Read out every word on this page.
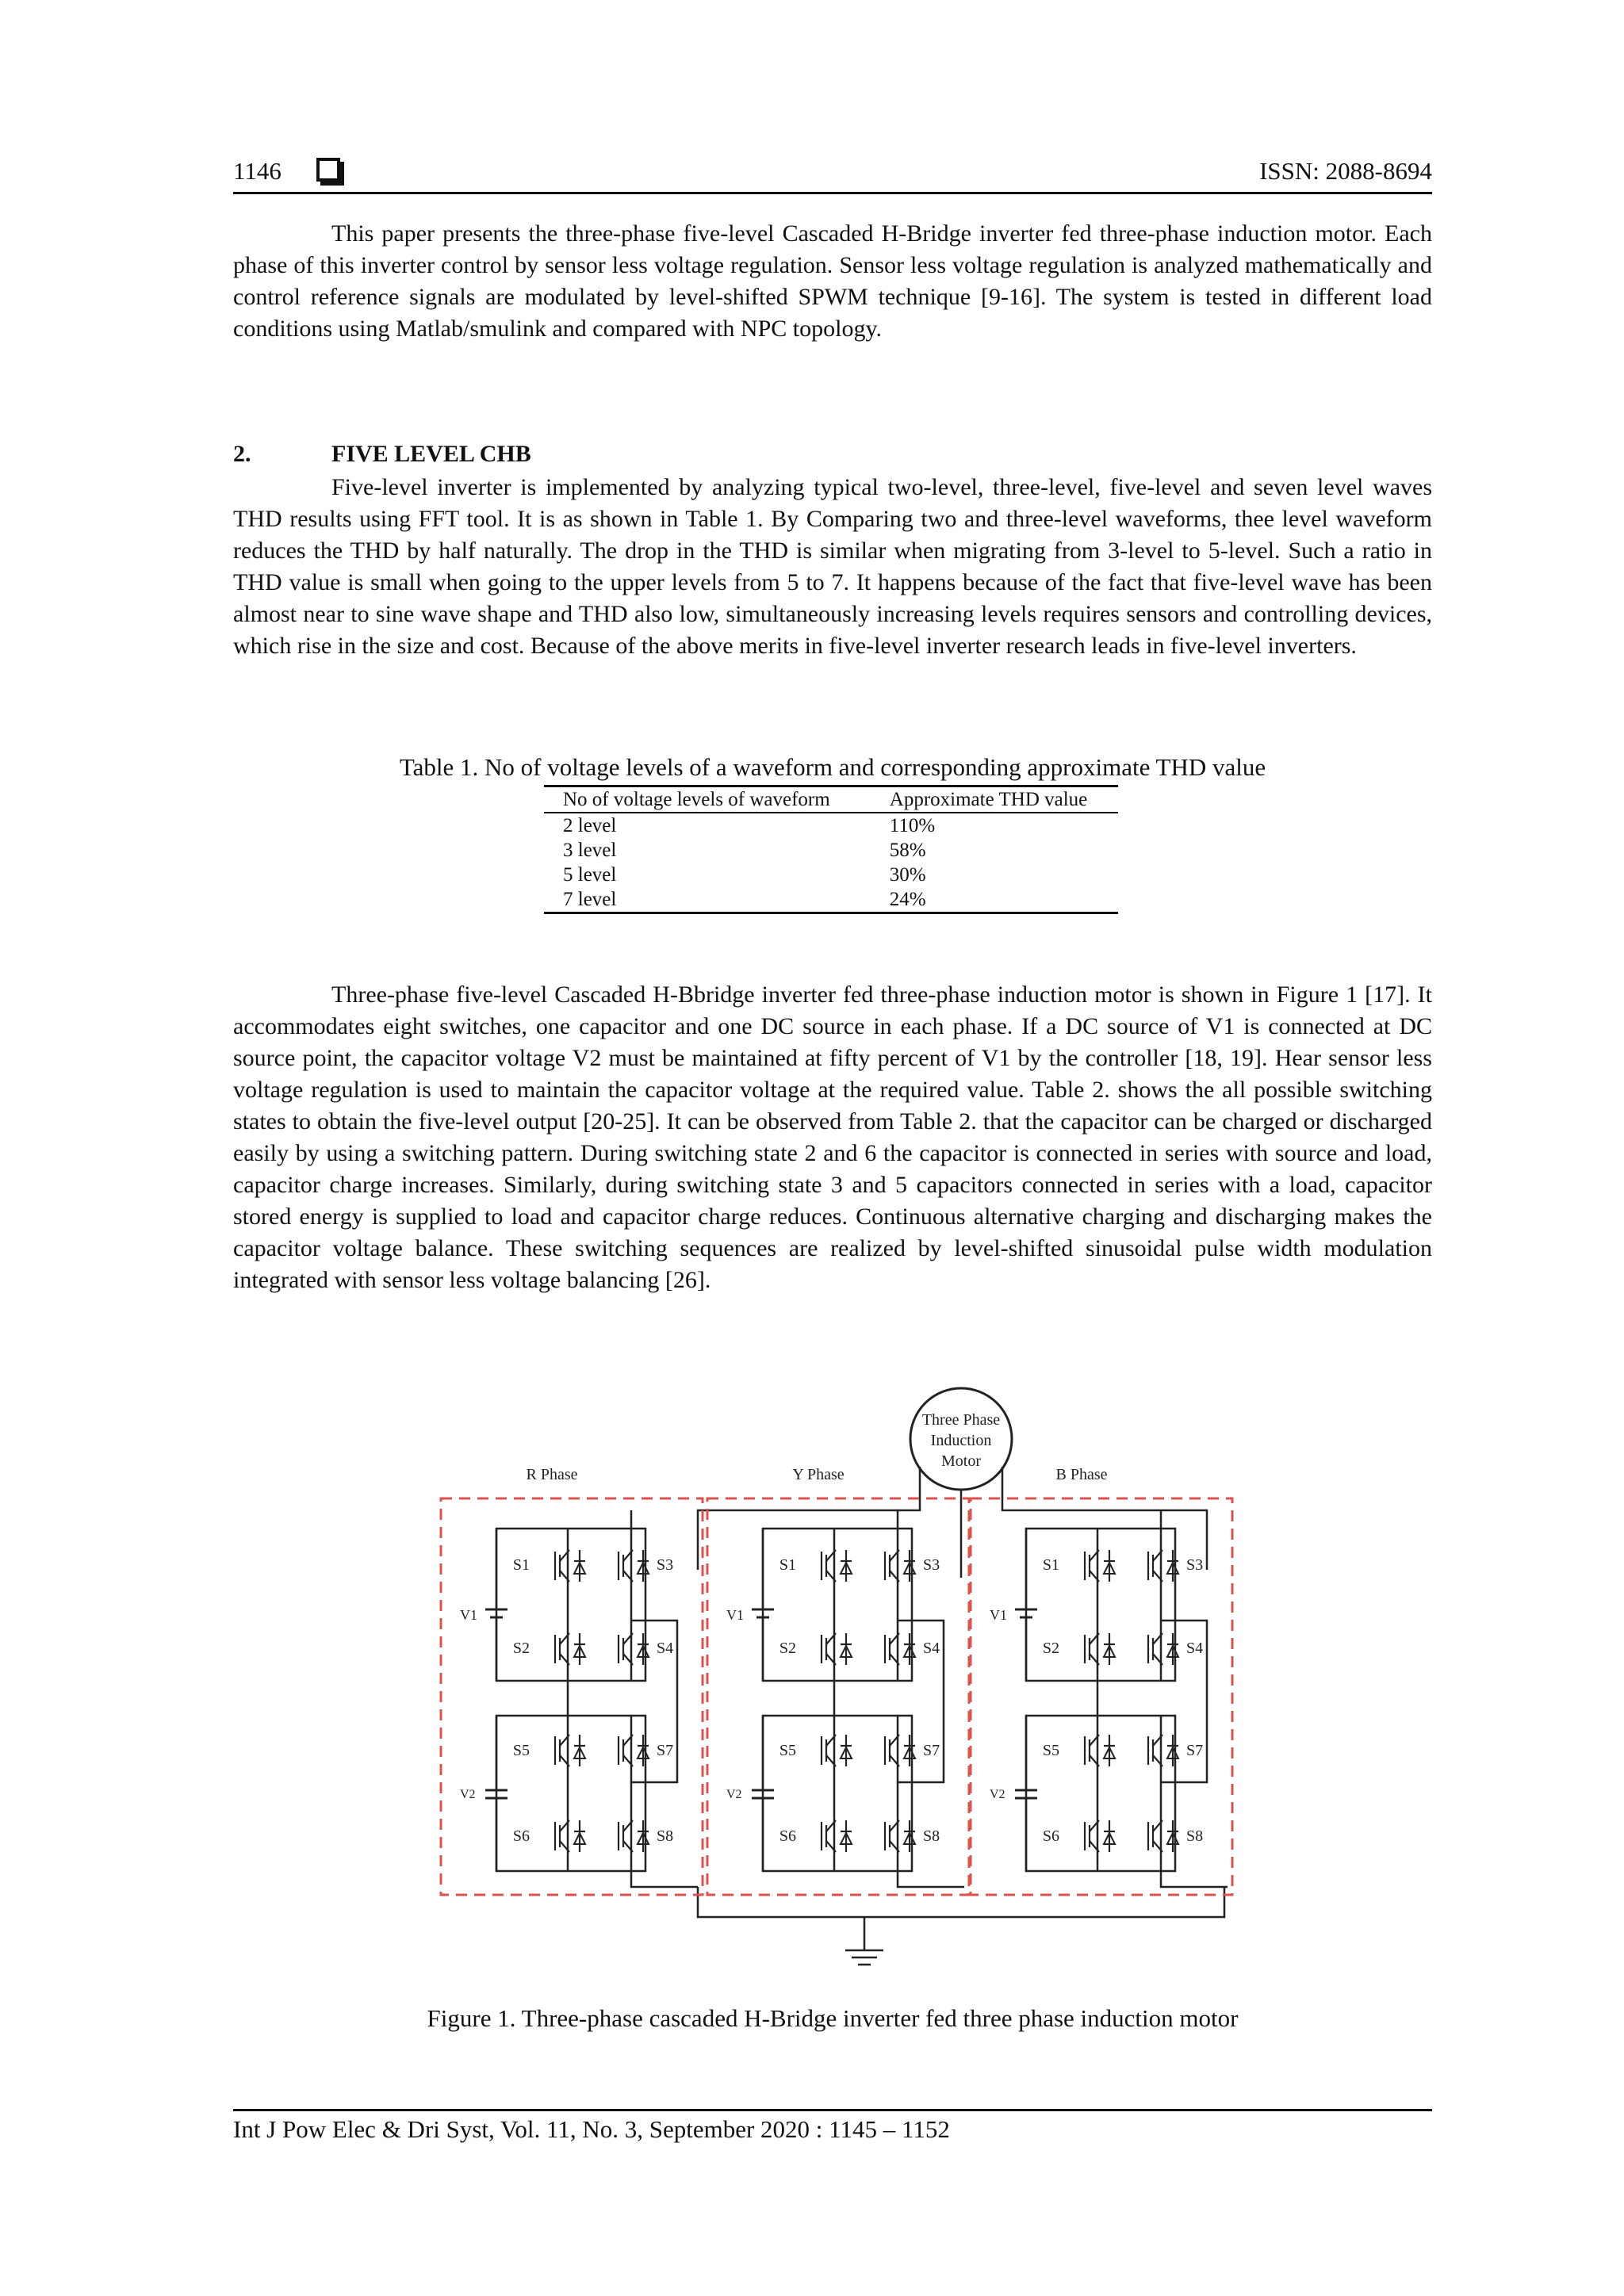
1146	ISSN: 2088-8694

This paper presents the three-phase five-level Cascaded H-Bridge inverter fed three-phase induction motor. Each phase of this inverter control by sensor less voltage regulation. Sensor less voltage regulation is analyzed mathematically and control reference signals are modulated by level-shifted SPWM technique [9-16]. The system is tested in different load conditions using Matlab/smulink and compared with NPC topology.

2.	FIVE LEVEL CHB

Five-level inverter is implemented by analyzing typical two-level, three-level, five-level and seven level waves THD results using FFT tool. It is as shown in Table 1. By Comparing two and three-level waveforms, thee level waveform reduces the THD by half naturally. The drop in the THD is similar when migrating from 3-level to 5-level. Such a ratio in THD value is small when going to the upper levels from 5 to 7. It happens because of the fact that five-level wave has been almost near to sine wave shape and THD also low, simultaneously increasing levels requires sensors and controlling devices, which rise in the size and cost. Because of the above merits in five-level inverter research leads in five-level inverters.

Table 1. No of voltage levels of a waveform and corresponding approximate THD value
No of voltage levels of waveform	Approximate THD value
2 level	110%
3 level	58%
5 level	30%
7 level	24%

Three-phase five-level Cascaded H-Bbridge inverter fed three-phase induction motor is shown in Figure 1 [17]. It accommodates eight switches, one capacitor and one DC source in each phase. If a DC source of V1 is connected at DC source point, the capacitor voltage V2 must be maintained at fifty percent of V1 by the controller [18, 19]. Hear sensor less voltage regulation is used to maintain the capacitor voltage at the required value. Table 2. shows the all possible switching states to obtain the five-level output [20-25]. It can be observed from Table 2. that the capacitor can be charged or discharged easily by using a switching pattern. During switching state 2 and 6 the capacitor is connected in series with source and load, capacitor charge increases. Similarly, during switching state 3 and 5 capacitors connected in series with a load, capacitor stored energy is supplied to load and capacitor charge reduces. Continuous alternative charging and discharging makes the capacitor voltage balance. These switching sequences are realized by level-shifted sinusoidal pulse width modulation integrated with sensor less voltage balancing [26].

Three Phase
Induction
Motor
R Phase
S1
S2
S3
S4
S5
S6
S7
S8
V1
V2
Y Phase
S1
S2
S3
S4
S5
S6
S7
S8
V1
V2
B Phase
S1
S2
S3
S4
S5
S6
S7
S8
V1
V2
Figure 1. Three-phase cascaded H-Bridge inverter fed three phase induction motor
Int J Pow Elec & Dri Syst, Vol. 11, No. 3, September 2020 : 1145 – 1152
